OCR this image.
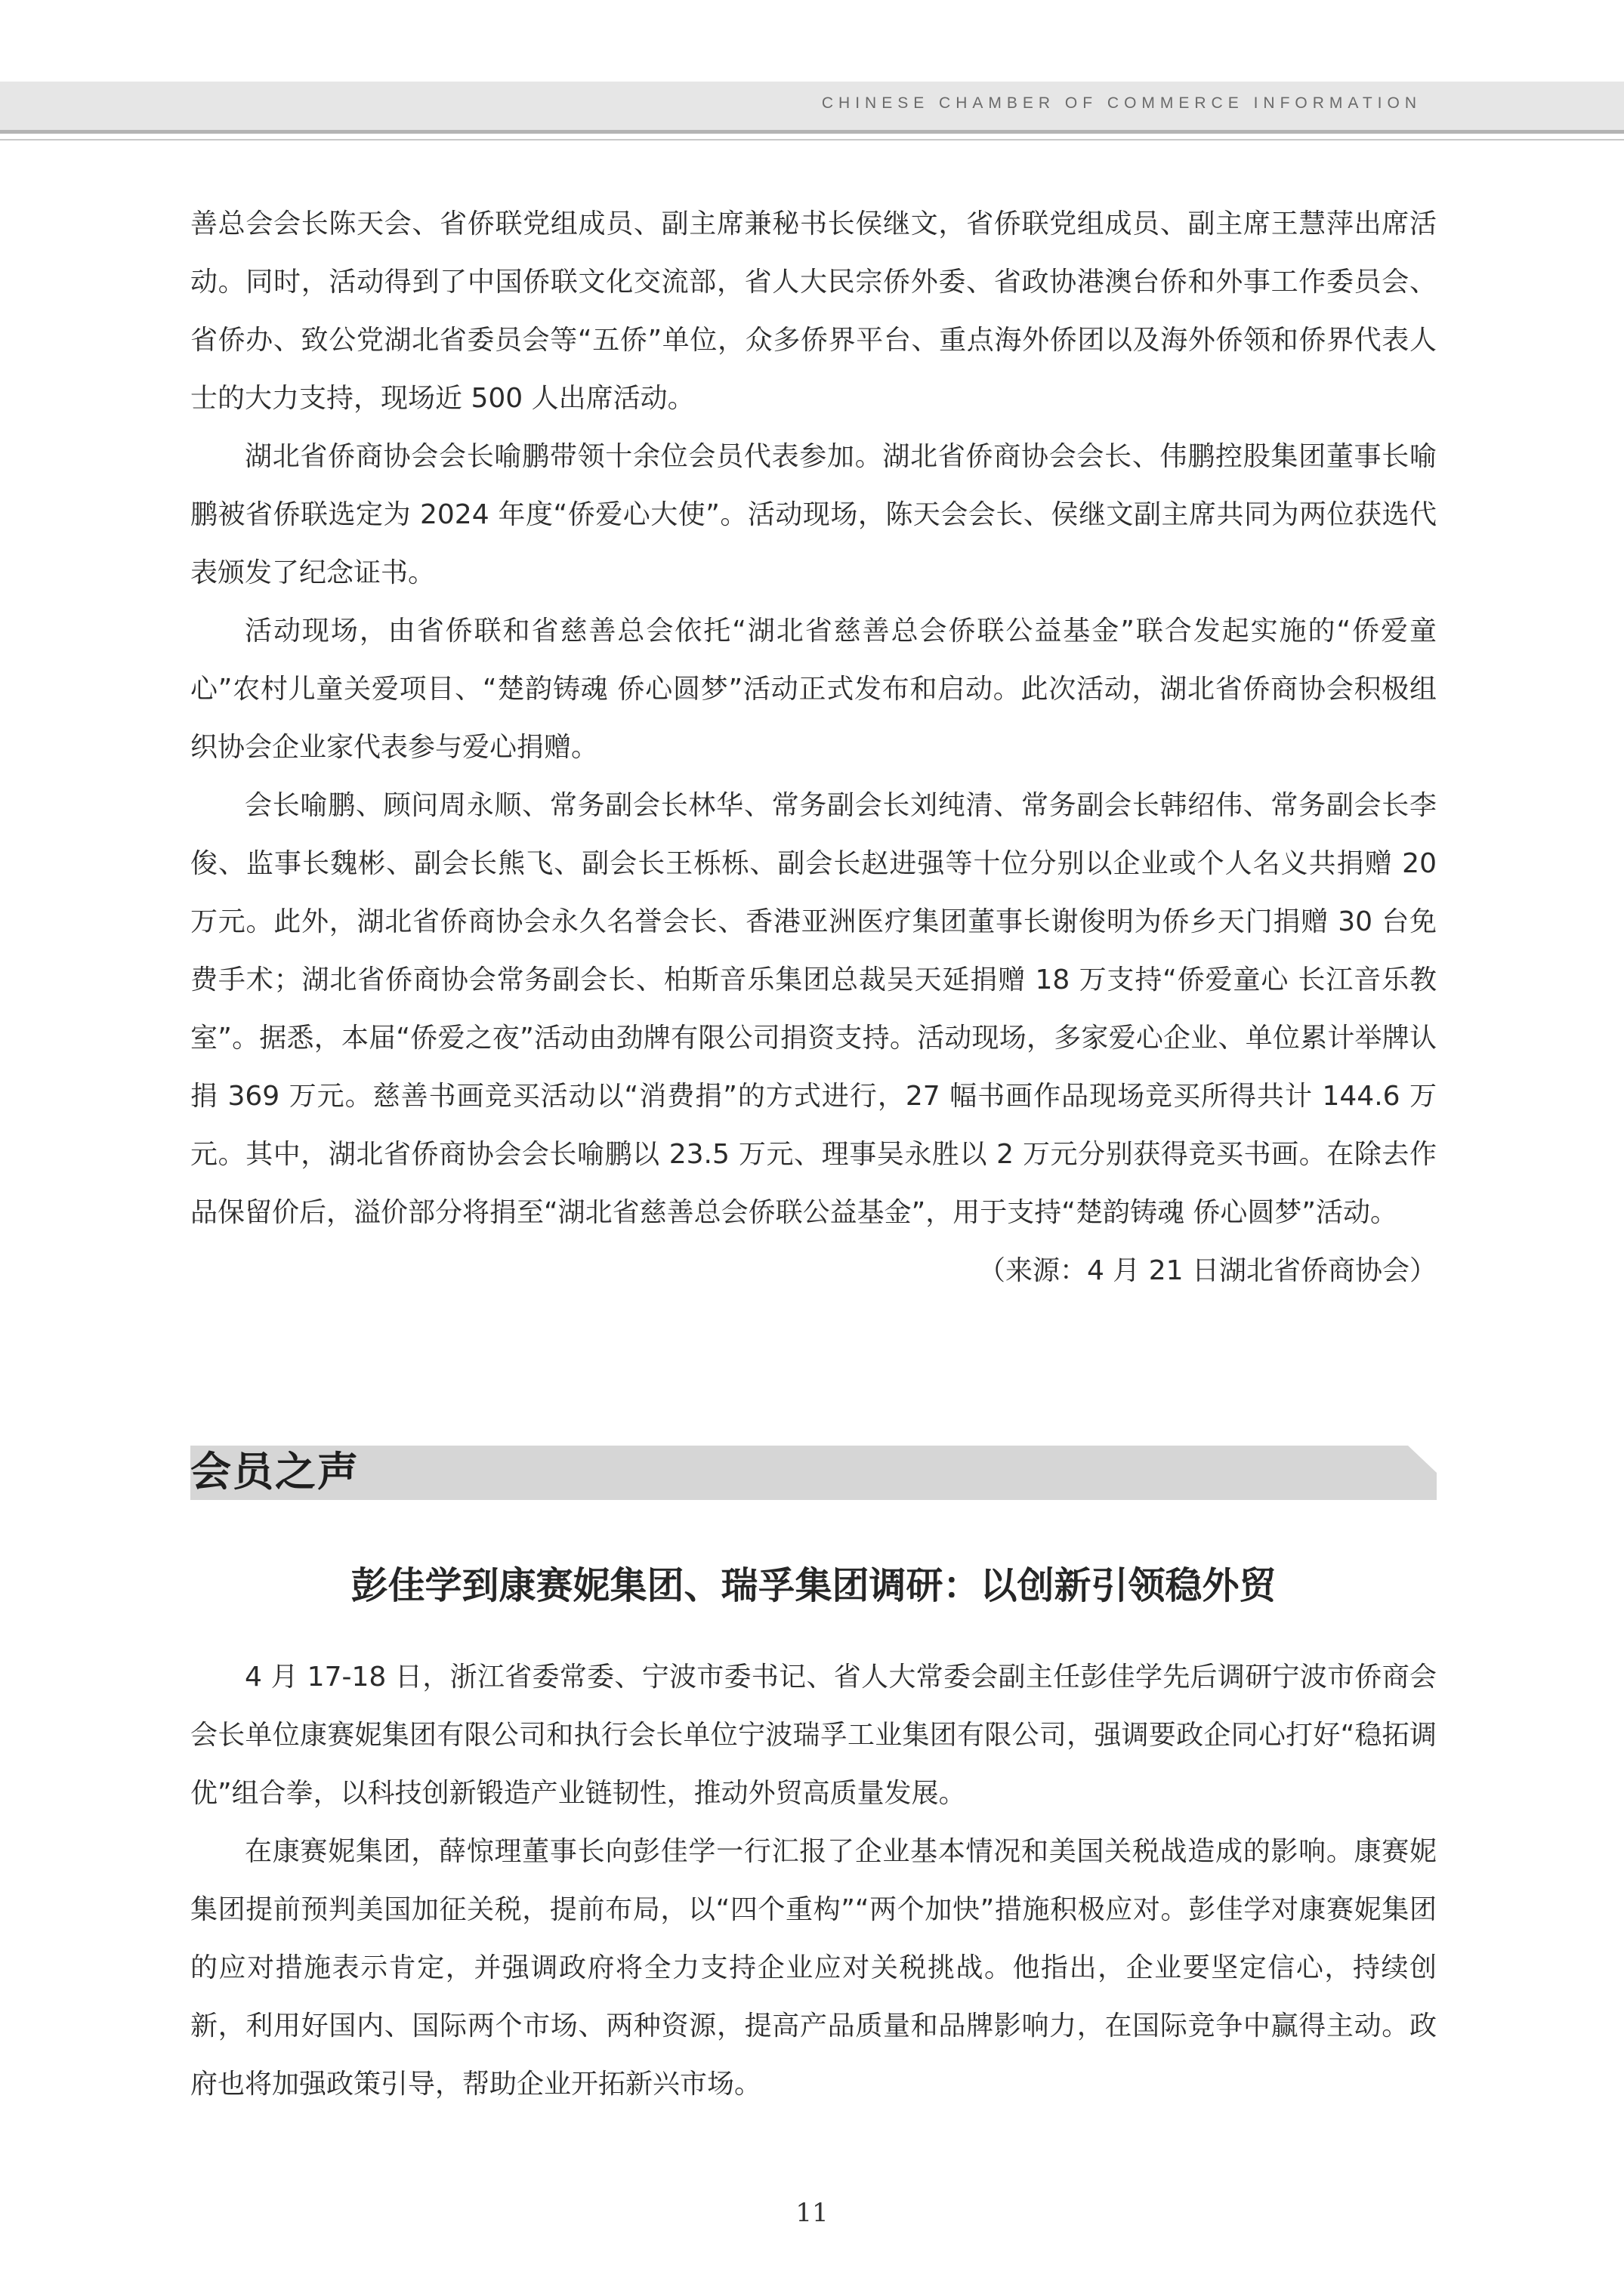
CHINESE CHAMBER OF COMMERCE INFORMATION

善总会会长陈天会、省侨联党组成员、副主席兼秘书长侯继文，省侨联党组成员、副主席王慧萍出席活动。同时，活动得到了中国侨联文化交流部，省人大民宗侨外委、省政协港澳台侨和外事工作委员会、省侨办、致公党湖北省委员会等“五侨”单位，众多侨界平台、重点海外侨团以及海外侨领和侨界代表人士的大力支持，现场近 500 人出席活动。

湖北省侨商协会会长喻鹏带领十余位会员代表参加。湖北省侨商协会会长、伟鹏控股集团董事长喻鹏被省侨联选定为 2024 年度“侨爱心大使”。活动现场，陈天会会长、侯继文副主席共同为两位获选代表颁发了纪念证书。

活动现场，由省侨联和省慈善总会依托“湖北省慈善总会侨联公益基金”联合发起实施的“侨爱童心”农村儿童关爱项目、“楚韵铸魂 侨心圆梦”活动正式发布和启动。此次活动，湖北省侨商协会积极组织协会企业家代表参与爱心捐赠。

会长喻鹏、顾问周永顺、常务副会长林华、常务副会长刘纯清、常务副会长韩绍伟、常务副会长李俊、监事长魏彬、副会长熊飞、副会长王栎栎、副会长赵进强等十位分别以企业或个人名义共捐赠 20 万元。此外，湖北省侨商协会永久名誉会长、香港亚洲医疗集团董事长谢俊明为侨乡天门捐赠 30 台免费手术；湖北省侨商协会常务副会长、柏斯音乐集团总裁吴天延捐赠 18 万支持“侨爱童心 长江音乐教室”。据悉，本届“侨爱之夜”活动由劲牌有限公司捐资支持。活动现场，多家爱心企业、单位累计举牌认捐 369 万元。慈善书画竞买活动以“消费捐”的方式进行，27 幅书画作品现场竞买所得共计 144.6 万元。其中，湖北省侨商协会会长喻鹏以 23.5 万元、理事吴永胜以 2 万元分别获得竞买书画。在除去作品保留价后，溢价部分将捐至“湖北省慈善总会侨联公益基金”，用于支持“楚韵铸魂 侨心圆梦”活动。

（来源：4 月 21 日湖北省侨商协会）

会员之声
彭佳学到康赛妮集团、瑞孚集团调研：以创新引领稳外贸

4 月 17-18 日，浙江省委常委、宁波市委书记、省人大常委会副主任彭佳学先后调研宁波市侨商会会长单位康赛妮集团有限公司和执行会长单位宁波瑞孚工业集团有限公司，强调要政企同心打好“稳拓调优”组合拳，以科技创新锻造产业链韧性，推动外贸高质量发展。

在康赛妮集团，薛惊理董事长向彭佳学一行汇报了企业基本情况和美国关税战造成的影响。康赛妮集团提前预判美国加征关税，提前布局，以“四个重构”“两个加快”措施积极应对。彭佳学对康赛妮集团的应对措施表示肯定，并强调政府将全力支持企业应对关税挑战。他指出，企业要坚定信心，持续创新，利用好国内、国际两个市场、两种资源，提高产品质量和品牌影响力，在国际竞争中赢得主动。政府也将加强政策引导，帮助企业开拓新兴市场。

11
